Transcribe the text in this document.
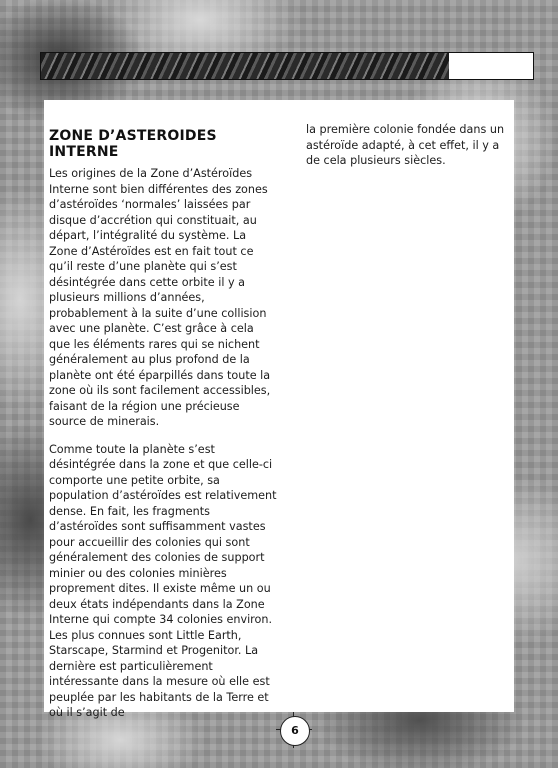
ZONE D’ASTEROIDES INTERNE

Les origines de la Zone d’Astéroïdes Interne sont bien différentes des zones d’astéroïdes ‘normales’ laissées par disque d’accrétion qui constituait, au départ, l’intégralité du système. La Zone d’Astéroïdes est en fait tout ce qu’il reste d’une planète qui s’est désintégrée dans cette orbite il y a plusieurs millions d’années, probablement à la suite d’une collision avec une planète. C’est grâce à cela que les éléments rares qui se nichent généralement au plus profond de la planète ont été éparpillés dans toute la zone où ils sont facilement accessibles, faisant de la région une précieuse source de minerais.

Comme toute la planète s’est désintégrée dans la zone et que celle-ci comporte une petite orbite, sa population d’astéroïdes est relativement dense. En fait, les fragments d’astéroïdes sont suffisamment vastes pour accueillir des colonies qui sont généralement des colonies de support minier ou des colonies minières proprement dites. Il existe même un ou deux états indépendants dans la Zone Interne qui compte 34 colonies environ. Les plus connues sont Little Earth, Starscape, Starmind et Progenitor. La dernière est particulièrement intéressante dans la mesure où elle est peuplée par les habitants de la Terre et où il s’agit de

la première colonie fondée dans un astéroïde adapté, à cet effet, il y a de cela plusieurs siècles.

6
